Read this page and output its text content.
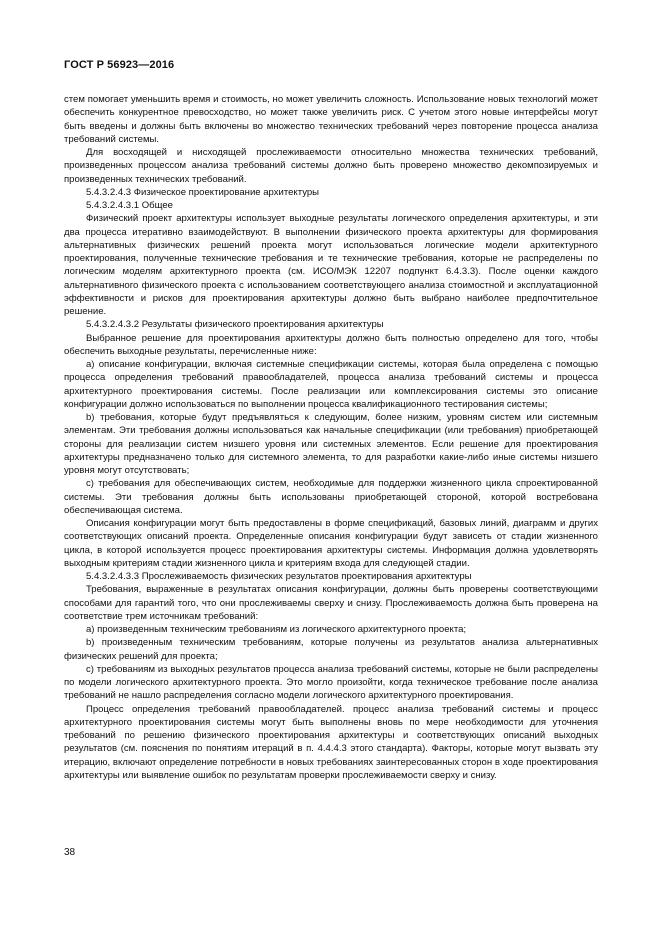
ГОСТ Р 56923—2016

стем помогает уменьшить время и стоимость, но может увеличить сложность. Использование новых технологий может обеспечить конкурентное превосходство, но может также увеличить риск. С учетом этого новые интерфейсы могут быть введены и должны быть включены во множество технических требований через повторение процесса анализа требований системы.

Для восходящей и нисходящей прослеживаемости относительно множества технических требований, произведенных процессом анализа требований системы должно быть проверено множество декомпозируемых и произведенных технических требований.

5.4.3.2.4.3 Физическое проектирование архитектуры

5.4.3.2.4.3.1 Общее

Физический проект архитектуры использует выходные результаты логического определения архитектуры, и эти два процесса итеративно взаимодействуют. В выполнении физического проекта архитектуры для формирования альтернативных физических решений проекта могут использоваться логические модели архитектурного проектирования, полученные технические требования и те технические требования, которые не распределены по логическим моделям архитектурного проекта (см. ИСО/МЭК 12207 подпункт 6.4.3.3). После оценки каждого альтернативного физического проекта с использованием соответствующего анализа стоимостной и эксплуатационной эффективности и рисков для проектирования архитектуры должно быть выбрано наиболее предпочтительное решение.

5.4.3.2.4.3.2 Результаты физического проектирования архитектуры

Выбранное решение для проектирования архитектуры должно быть полностью определено для того, чтобы обеспечить выходные результаты, перечисленные ниже:

a) описание конфигурации, включая системные спецификации системы, которая была определена с помощью процесса определения требований правообладателей, процесса анализа требований системы и процесса архитектурного проектирования системы. После реализации или комплексирования системы это описание конфигурации должно использоваться по выполнении процесса квалификационного тестирования системы;

b) требования, которые будут предъявляться к следующим, более низким, уровням систем или системным элементам. Эти требования должны использоваться как начальные спецификации (или требования) приобретающей стороны для реализации систем низшего уровня или системных элементов. Если решение для проектирования архитектуры предназначено только для системного элемента, то для разработки какие-либо иные системы низшего уровня могут отсутствовать;

c) требования для обеспечивающих систем, необходимые для поддержки жизненного цикла спроектированной системы. Эти требования должны быть использованы приобретающей стороной, которой востребована обеспечивающая система.

Описания конфигурации могут быть предоставлены в форме спецификаций, базовых линий, диаграмм и других соответствующих описаний проекта. Определенные описания конфигурации будут зависеть от стадии жизненного цикла, в которой используется процесс проектирования архитектуры системы. Информация должна удовлетворять выходным критериям стадии жизненного цикла и критериям входа для следующей стадии.

5.4.3.2.4.3.3 Прослеживаемость физических результатов проектирования архитектуры

Требования, выраженные в результатах описания конфигурации, должны быть проверены соответствующими способами для гарантий того, что они прослеживаемы сверху и снизу. Прослеживаемость должна быть проверена на соответствие трем источникам требований:

a) произведенным техническим требованиям из логического архитектурного проекта;

b) произведенным техническим требованиям, которые получены из результатов анализа альтернативных физических решений для проекта;

c) требованиям из выходных результатов процесса анализа требований системы, которые не были распределены по модели логического архитектурного проекта. Это могло произойти, когда техническое требование после анализа требований не нашло распределения согласно модели логического архитектурного проектирования.

Процесс определения требований правообладателей. процесс анализа требований системы и процесс архитектурного проектирования системы могут быть выполнены вновь по мере необходимости для уточнения требований по решению физического проектирования архитектуры и соответствующих описаний выходных результатов (см. пояснения по понятиям итераций в п. 4.4.4.3 этого стандарта). Факторы, которые могут вызвать эту итерацию, включают определение потребности в новых требованиях заинтересованных сторон в ходе проектирования архитектуры или выявление ошибок по результатам проверки прослеживаемости сверху и снизу.

38
